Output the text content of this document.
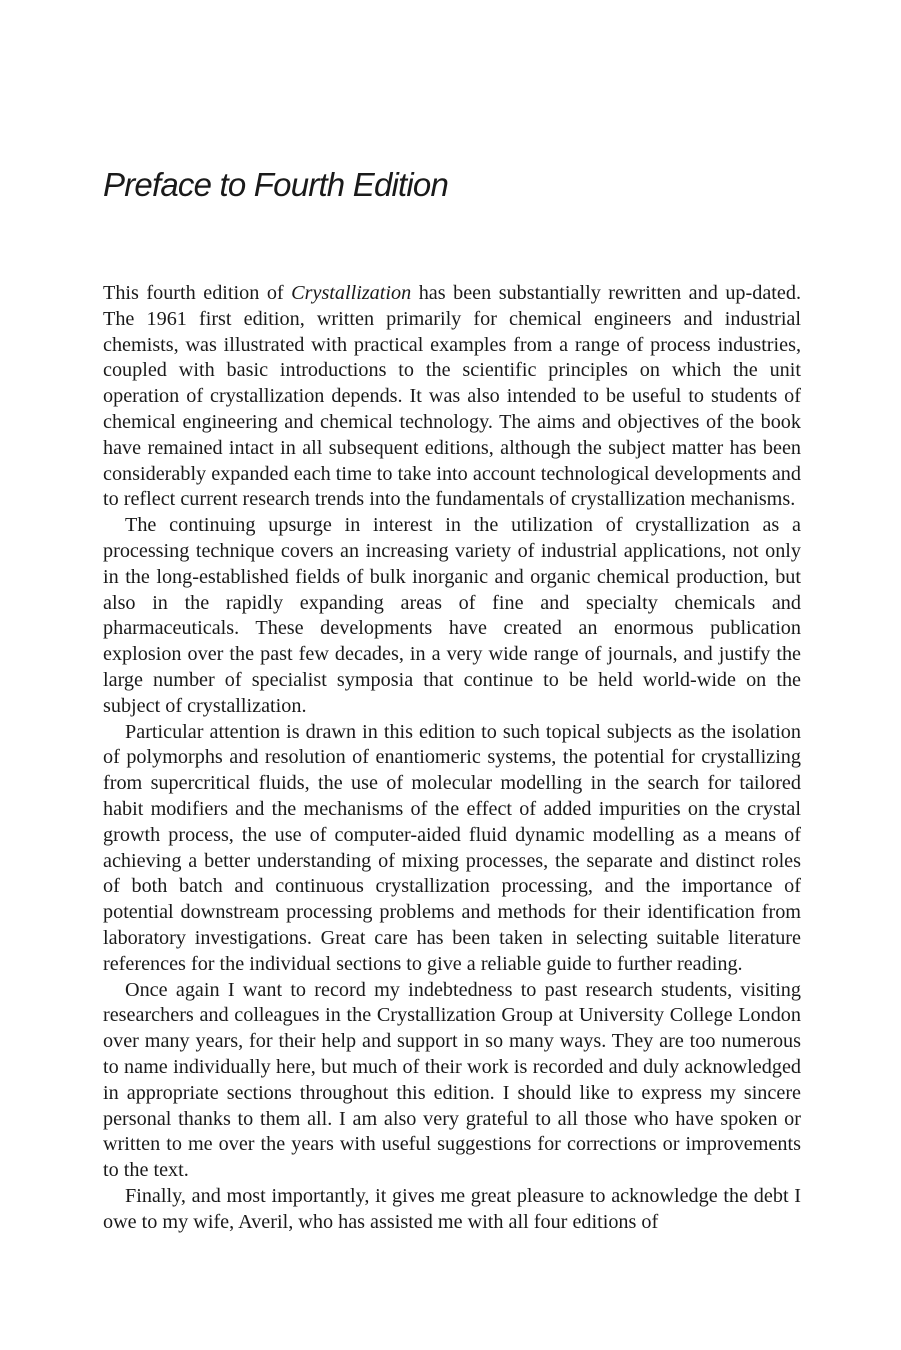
Preface to Fourth Edition

This fourth edition of Crystallization has been substantially rewritten and up-dated. The 1961 first edition, written primarily for chemical engineers and industrial chemists, was illustrated with practical examples from a range of process industries, coupled with basic introductions to the scientific principles on which the unit operation of crystallization depends. It was also intended to be useful to students of chemical engineering and chemical technology. The aims and objectives of the book have remained intact in all subsequent editions, although the subject matter has been considerably expanded each time to take into account technological developments and to reflect current research trends into the fundamentals of crystallization mechanisms.

The continuing upsurge in interest in the utilization of crystallization as a processing technique covers an increasing variety of industrial applications, not only in the long-established fields of bulk inorganic and organic chemical production, but also in the rapidly expanding areas of fine and specialty chemicals and pharmaceuticals. These developments have created an enormous publication explosion over the past few decades, in a very wide range of journals, and justify the large number of specialist symposia that continue to be held world-wide on the subject of crystallization.

Particular attention is drawn in this edition to such topical subjects as the isolation of polymorphs and resolution of enantiomeric systems, the potential for crystallizing from supercritical fluids, the use of molecular modelling in the search for tailored habit modifiers and the mechanisms of the effect of added impurities on the crystal growth process, the use of computer-aided fluid dynamic modelling as a means of achieving a better understanding of mixing processes, the separate and distinct roles of both batch and continuous crystallization processing, and the importance of potential downstream processing problems and methods for their identification from laboratory investigations. Great care has been taken in selecting suitable literature references for the individual sections to give a reliable guide to further reading.

Once again I want to record my indebtedness to past research students, visiting researchers and colleagues in the Crystallization Group at University College London over many years, for their help and support in so many ways. They are too numerous to name individually here, but much of their work is recorded and duly acknowledged in appropriate sections throughout this edition. I should like to express my sincere personal thanks to them all. I am also very grateful to all those who have spoken or written to me over the years with useful suggestions for corrections or improvements to the text.

Finally, and most importantly, it gives me great pleasure to acknowledge the debt I owe to my wife, Averil, who has assisted me with all four editions of
